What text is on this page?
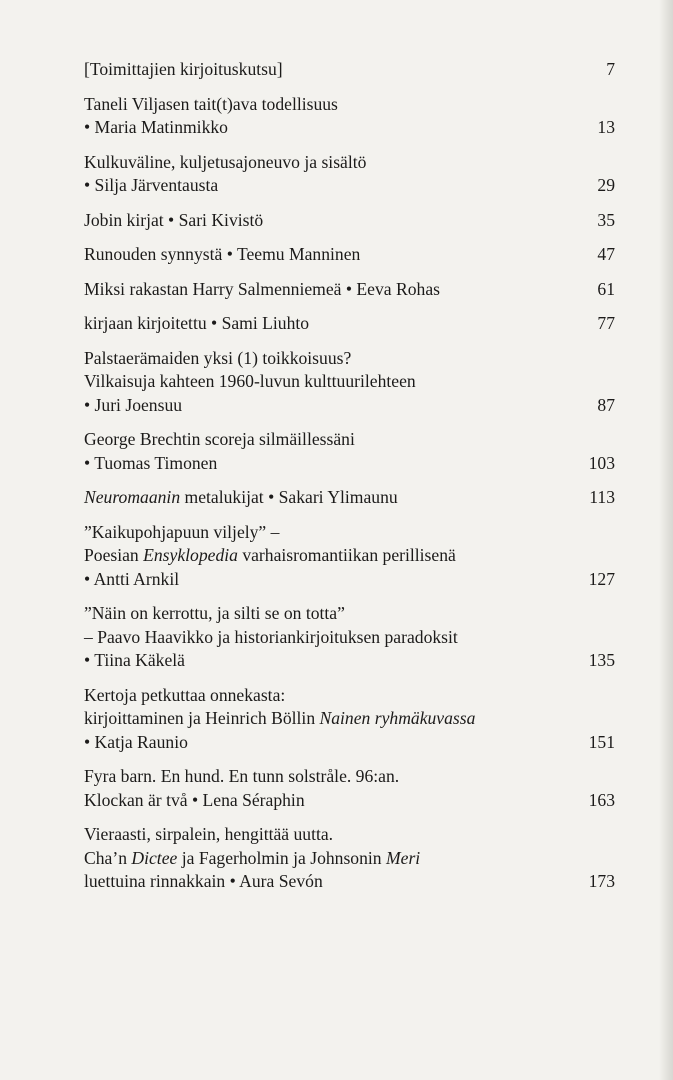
[Toimittajien kirjoituskutsu]	7
Taneli Viljasen tait(t)ava todellisuus
• Maria Matinmikko	13
Kulkuväline, kuljetusajoneuvo ja sisältö
• Silja Järventausta	29
Jobin kirjat • Sari Kivistö	35
Runouden synnystä • Teemu Manninen	47
Miksi rakastan Harry Salmenniemeä • Eeva Rohas	61
kirjaan kirjoitettu • Sami Liuhto	77
Palstaerämaiden yksi (1) toikkoisuus?
Vilkaisuja kahteen 1960-luvun kulttuurilehteen
• Juri Joensuu	87
George Brechtin scoreja silmäillessäni
• Tuomas Timonen	103
Neuromaanin metalukijat • Sakari Ylimaunu	113
”Kaikupohjapuun viljely” –
Poesian Ensyklopedia varhaisromantiikan perillisenä
• Antti Arnkil	127
”Näin on kerrottu, ja silti se on totta”
– Paavo Haavikko ja historiankirjoituksen paradoksit
• Tiina Käkelä	135
Kertoja petkuttaa onnekasta:
kirjoittaminen ja Heinrich Böllin Nainen ryhmäkuvassa
• Katja Raunio	151
Fyra barn. En hund. En tunn solstråle. 96:an.
Klockan är två • Lena Séraphin	163
Vieraasti, sirpalein, hengittää uutta.
Cha’n Dictee ja Fagerholmin ja Johnsonin Meri
luettuina rinnakkain • Aura Sevón	173
